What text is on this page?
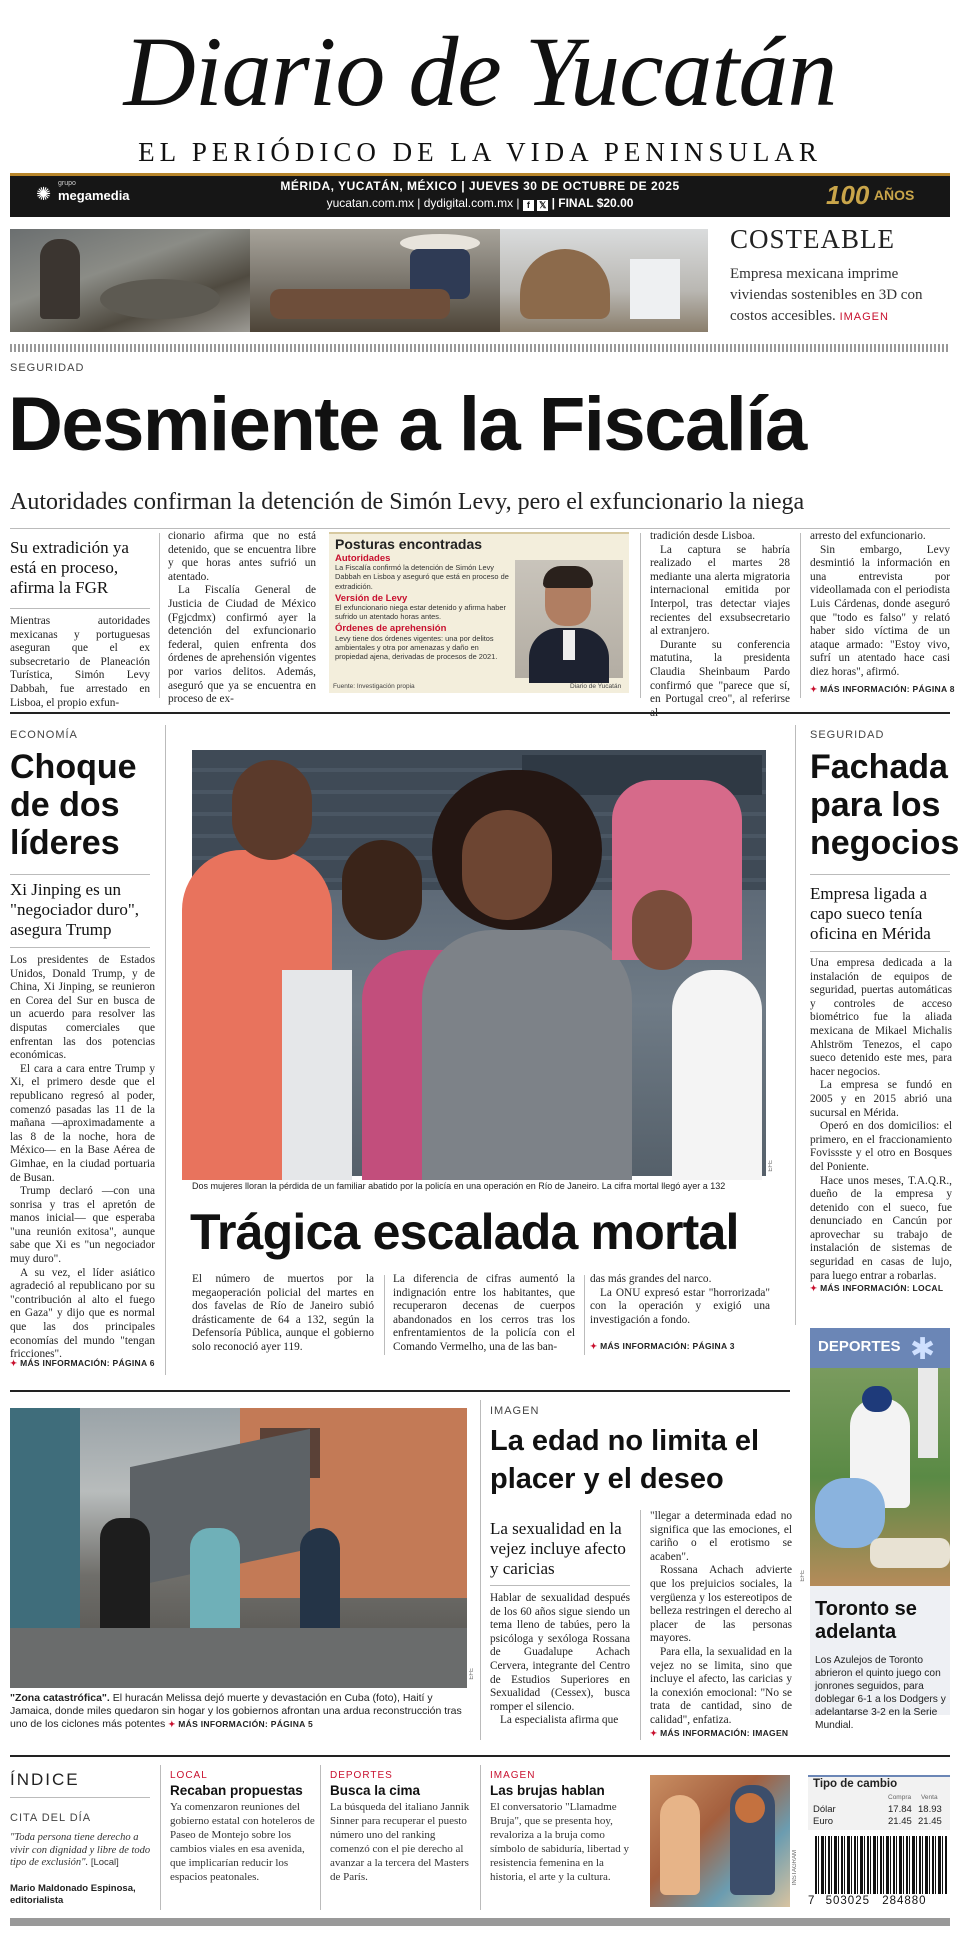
Diario de Yucatán
EL PERIÓDICO DE LA VIDA PENINSULAR
grupo
megamedia
✺	MÉRIDA, YUCATÁN, MÉXICO | JUEVES 30 DE OCTUBRE DE 2025
yucatan.com.mx | dydigital.com.mx | f 𝕏 | FINAL $20.00	100 AÑOS
COSTEABLE
Empresa mexicana imprime viviendas sostenibles en 3D con costos accesibles. IMAGEN
SEGURIDAD
Desmiente a la Fiscalía
Autoridades confirman la detención de Simón Levy, pero el exfuncionario la niega
Su extradición ya está en proceso, afirma la FGR
Mientras autoridades mexicanas y portuguesas aseguran que el ex subsecretario de Planeación Turística, Simón Levy Dabbah, fue arrestado en Lisboa, el propio exfun-

cionario afirma que no está detenido, que se encuentra libre y que horas antes sufrió un atentado.

La Fiscalía General de Justicia de Ciudad de México (Fgjcdmx) confirmó ayer la detención del exfuncionario federal, quien enfrenta dos órdenes de aprehensión vigentes por varios delitos. Además, aseguró que ya se encuentra en proceso de ex-

Posturas encontradas
Autoridades
La Fiscalía confirmó la detención de Simón Levy Dabbah en Lisboa y aseguró que está en proceso de extradición.
Versión de Levy
El exfuncionario niega estar detenido y afirma haber sufrido un atentado horas antes.
Órdenes de aprehensión
Levy tiene dos órdenes vigentes: una por delitos ambientales y otra por amenazas y daño en propiedad ajena, derivadas de procesos de 2021.
Fuente: Investigación propia	Diario de Yucatán

tradición desde Lisboa.

La captura se habría realizado el martes 28 mediante una alerta migratoria internacional emitida por Interpol, tras detectar viajes recientes del exsubsecretario al extranjero.

Durante su conferencia matutina, la presidenta Claudia Sheinbaum Pardo confirmó que "parece que sí, en Portugal creo", al referirse

arresto del exfuncionario.

Sin embargo, Levy desmintió la información en una entrevista por videollamada con el periodista Luis Cárdenas, donde aseguró que "todo es falso" y relató haber sido víctima de un ataque armado: "Estoy vivo, sufrí un atentado hace casi diez horas", afirmó.

✦ MÁS INFORMACIÓN: PÁGINA 8
ECONOMÍA
Choque de dos líderes
Xi Jinping es un "negociador duro", asegura Trump

Los presidentes de Estados Unidos, Donald Trump, y de China, Xi Jinping, se reunieron en Corea del Sur en busca de un acuerdo para resolver las disputas comerciales que enfrentan las dos potencias económicas.

El cara a cara entre Trump y Xi, el primero desde que el republicano regresó al poder, comenzó pasadas las 11 de la mañana —aproximadamente a las 8 de la noche, hora de México— en la Base Aérea de Gimhae, en la ciudad portuaria de Busan.

Trump declaró —con una sonrisa y tras el apretón de manos inicial— que esperaba "una reunión exitosa", aunque sabe que Xi es "un negociador muy duro".

A su vez, el líder asiático agradeció al republicano por su "contribución al alto el fuego en Gaza" y dijo que es normal que las dos principales economías del mundo "tengan fricciones".

✦ MÁS INFORMACIÓN: PÁGINA 6
EFE
Dos mujeres lloran la pérdida de un familiar abatido por la policía en una operación en Río de Janeiro. La cifra mortal llegó ayer a 132
Trágica escalada mortal
El número de muertos por la megaoperación policial del martes en dos favelas de Río de Janeiro subió drásticamente de 64 a 132, según la Defensoría Pública, aunque el gobierno solo reconoció ayer 119.
La diferencia de cifras aumentó la indignación entre los habitantes, que recuperaron decenas de cuerpos abandonados en los cerros tras los enfrentamientos de la policía con el Comando Vermelho, una de las ban-

das más grandes del narco.

La ONU expresó estar "horrorizada" con la operación y exigió una investigación a fondo.

✦ MÁS INFORMACIÓN: PÁGINA 3
SEGURIDAD
Fachada para los negocios
Empresa ligada a capo sueco tenía oficina en Mérida

Una empresa dedicada a la instalación de equipos de seguridad, puertas automáticas y controles de acceso biométrico fue la aliada mexicana de Mikael Michalis Ahlström Tenezos, el capo sueco detenido este mes, para hacer negocios.

La empresa se fundó en 2005 y en 2015 abrió una sucursal en Mérida.

Operó en dos domicilios: el primero, en el fraccionamiento Fovissste y el otro en Bosques del Poniente.

Hace unos meses, T.A.Q.R., dueño de la empresa y detenido con el sueco, fue denunciado en Cancún por aprovechar su trabajo de instalación de sistemas de seguridad en casas de lujo, para luego entrar a robarlas.

✦ MÁS INFORMACIÓN: LOCAL
DEPORTES ✱
EFE
Toronto se adelanta
Los Azulejos de Toronto abrieron el quinto juego con jonrones seguidos, para doblegar 6-1 a los Dodgers y adelantarse 3-2 en la Serie Mundial.
EFE
"Zona catastrófica". El huracán Melissa dejó muerte y devastación en Cuba (foto), Haití y Jamaica, donde miles quedaron sin hogar y los gobiernos afrontan una ardua reconstrucción tras uno de los ciclones más potentes ✦ MÁS INFORMACIÓN: PÁGINA 5
IMAGEN
La edad no limita el placer y el deseo
La sexualidad en la vejez incluye afecto y caricias

Hablar de sexualidad después de los 60 años sigue siendo un tema lleno de tabúes, pero la psicóloga y sexóloga Rossana de Guadalupe Achach Cervera, integrante del Centro de Estudios Superiores en Sexualidad (Cessex), busca romper el silencio.

La especialista afirma que

"llegar a determinada edad no significa que las emociones, el cariño o el erotismo se acaben".

Rossana Achach advierte que los prejuicios sociales, la vergüenza y los estereotipos de belleza restringen el derecho al placer de las personas mayores.

Para ella, la sexualidad en la vejez no se limita, sino que incluye el afecto, las caricias y la conexión emocional: "No se trata de cantidad, sino de calidad", enfatiza.

✦ MÁS INFORMACIÓN: IMAGEN
ÍNDICE
CITA DEL DÍA
"Toda persona tiene derecho a vivir con dignidad y libre de todo tipo de exclusión". [Local]
Mario Maldonado Espinosa,
editorialista
LOCAL
Recaban propuestas
Ya comenzaron reuniones del gobierno estatal con hoteleros de Paseo de Montejo sobre los cambios viales en esa avenida, que implicarían reducir los espacios peatonales.
DEPORTES
Busca la cima
La búsqueda del italiano Jannik Sinner para recuperar el puesto número uno del ranking comenzó con el pie derecho al avanzar a la tercera del Masters de París.
IMAGEN
Las brujas hablan
El conversatorio "Llamadme Bruja", que se presenta hoy, revaloriza a la bruja como símbolo de sabiduría, libertad y resistencia femenina en la historia, el arte y la cultura.	INSTAGRAM
Tipo de cambio
Compra Venta
Dólar	17.84 18.93
Euro	21.45 21.45
7 503025 284880
